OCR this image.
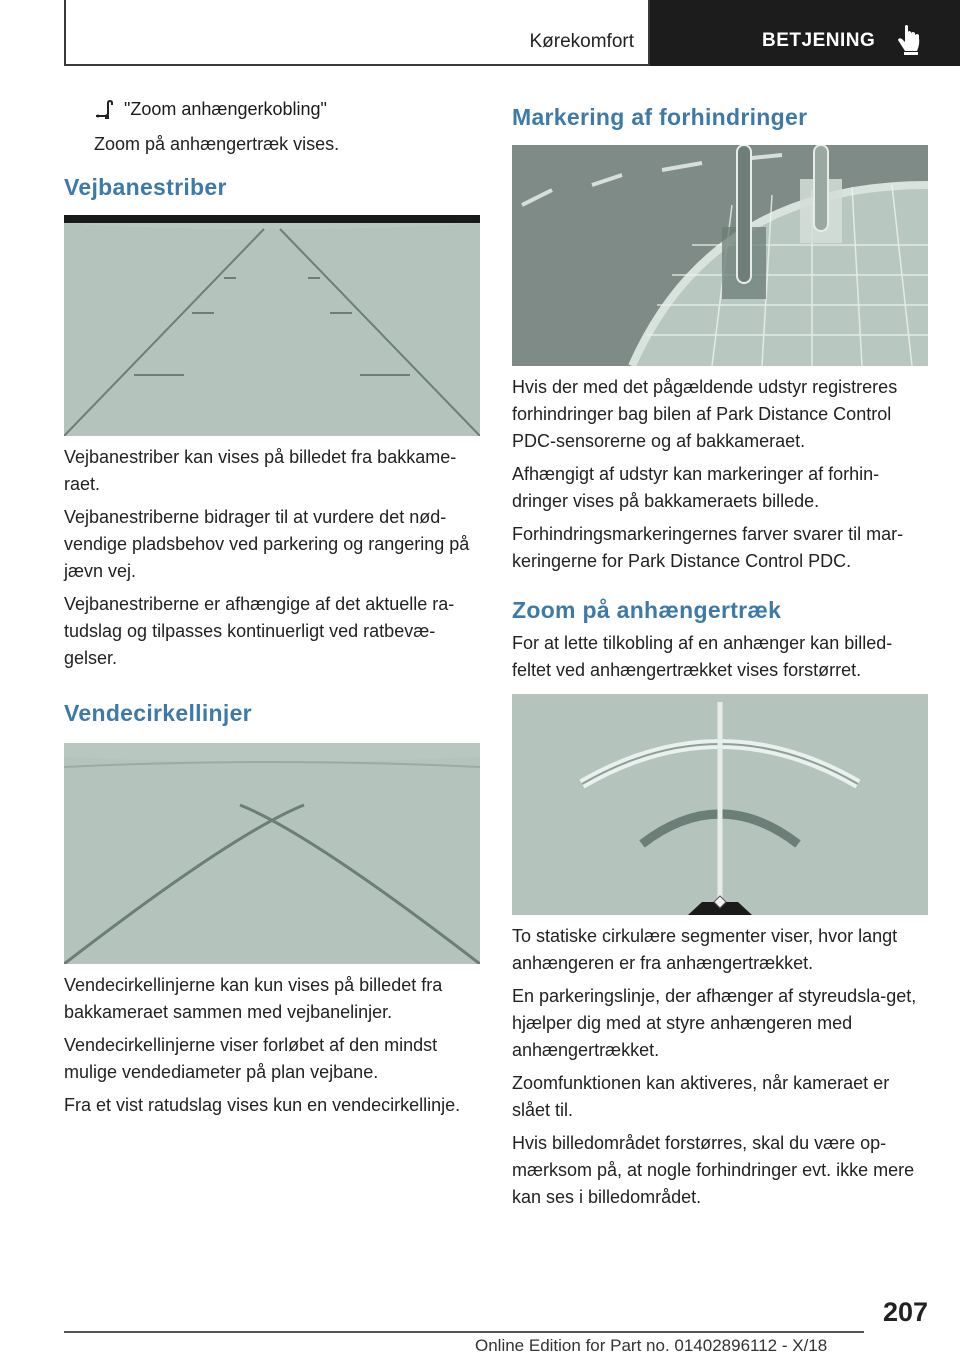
Kørekomfort	BETJENING
"Zoom anhængerkobling"

Zoom på anhængertræk vises.

Vejbanestriber

Vejbanestriber kan vises på billedet fra bakkame-raet.

Vejbanestriberne bidrager til at vurdere det nød-vendige pladsbehov ved parkering og rangering på jævn vej.

Vejbanestriberne er afhængige af det aktuelle ra-tudslag og tilpasses kontinuerligt ved ratbevæ-gelser.

Vendecirkellinjer

Vendecirkellinjerne kan kun vises på billedet fra bakkameraet sammen med vejbanelinjer.

Vendecirkellinjerne viser forløbet af den mindst mulige vendediameter på plan vejbane.

Fra et vist ratudslag vises kun en vendecirkellinje.

Markering af forhindringer

Hvis der med det pågældende udstyr registreres forhindringer bag bilen af Park Distance Control PDC-sensorerne og af bakkameraet.

Afhængigt af udstyr kan markeringer af forhin-dringer vises på bakkameraets billede.

Forhindringsmarkeringernes farver svarer til mar-keringerne for Park Distance Control PDC.

Zoom på anhængertræk

For at lette tilkobling af en anhænger kan billed-feltet ved anhængertrækket vises forstørret.

To statiske cirkulære segmenter viser, hvor langt anhængeren er fra anhængertrækket.

En parkeringslinje, der afhænger af styreudsla-get, hjælper dig med at styre anhængeren med anhængertrækket.

Zoomfunktionen kan aktiveres, når kameraet er slået til.

Hvis billedområdet forstørres, skal du være op-mærksom på, at nogle forhindringer evt. ikke mere kan ses i billedområdet.

207
Online Edition for Part no. 01402896112 - X/18
